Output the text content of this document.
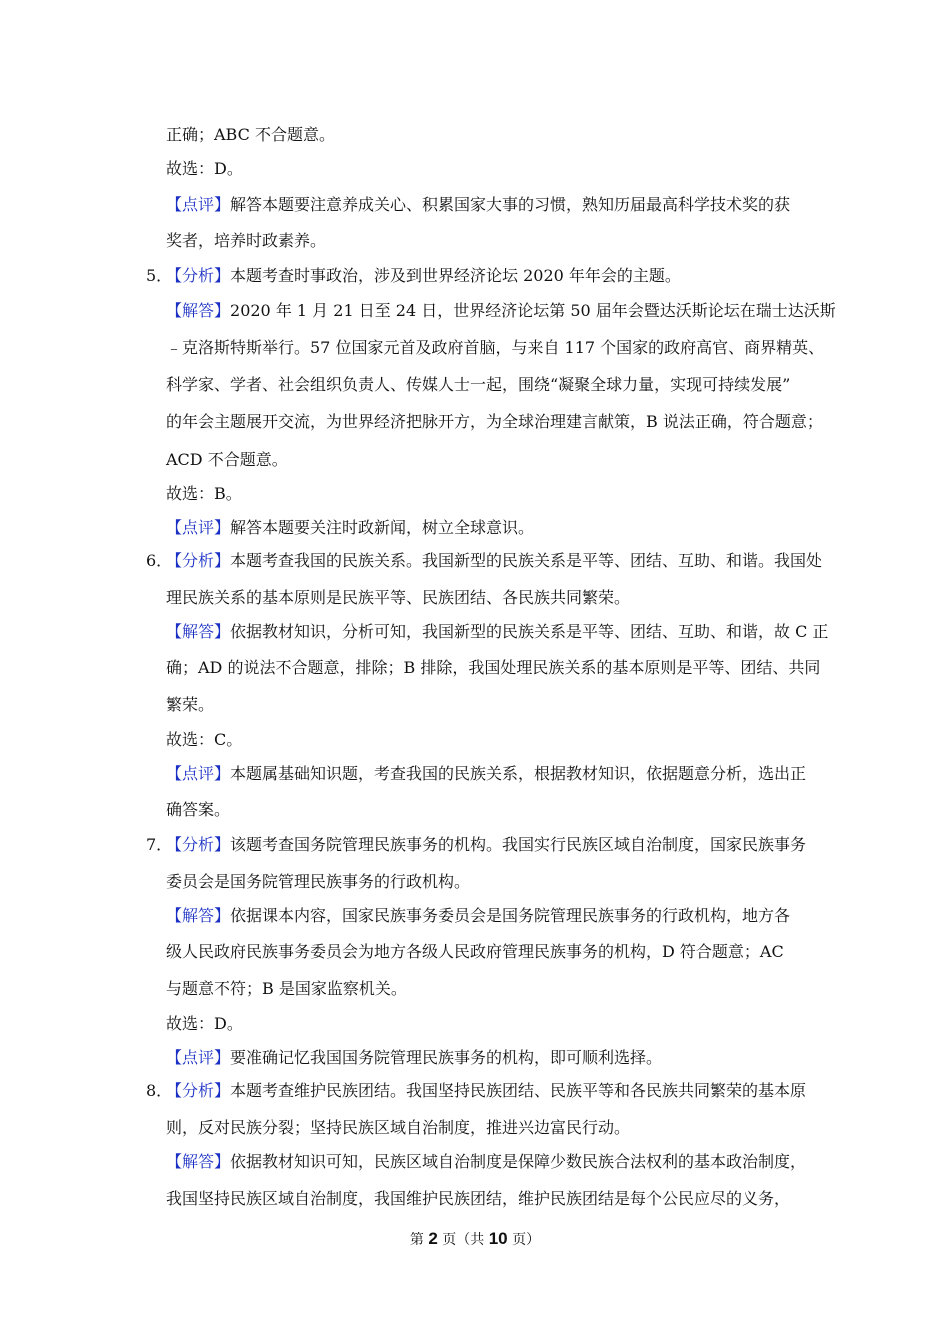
正确；ABC 不合题意。

故选：D。

【点评】解答本题要注意养成关心、积累国家大事的习惯，熟知历届最高科学技术奖的获

奖者，培养时政素养。

5．

【分析】本题考查时事政治，涉及到世界经济论坛 2020 年年会的主题。

【解答】2020 年 1 月 21 日至 24 日，世界经济论坛第 50 届年会暨达沃斯论坛在瑞士达沃斯

﹣克洛斯特斯举行。57 位国家元首及政府首脑，与来自 117 个国家的政府高官、商界精英、

科学家、学者、社会组织负责人、传媒人士一起，围绕“凝聚全球力量，实现可持续发展”

的年会主题展开交流，为世界经济把脉开方，为全球治理建言献策，B 说法正确，符合题意；

ACD 不合题意。

故选：B。

【点评】解答本题要关注时政新闻，树立全球意识。

6．

【分析】本题考查我国的民族关系。我国新型的民族关系是平等、团结、互助、和谐。我国处

理民族关系的基本原则是民族平等、民族团结、各民族共同繁荣。

【解答】依据教材知识，分析可知，我国新型的民族关系是平等、团结、互助、和谐，故 C 正

确；AD 的说法不合题意，排除；B 排除，我国处理民族关系的基本原则是平等、团结、共同

繁荣。

故选：C。

【点评】本题属基础知识题，考查我国的民族关系，根据教材知识，依据题意分析，选出正

确答案。

7．

【分析】该题考查国务院管理民族事务的机构。我国实行民族区域自治制度，国家民族事务

委员会是国务院管理民族事务的行政机构。

【解答】依据课本内容，国家民族事务委员会是国务院管理民族事务的行政机构，地方各

级人民政府民族事务委员会为地方各级人民政府管理民族事务的机构，D 符合题意；AC

与题意不符；B 是国家监察机关。

故选：D。

【点评】要准确记忆我国国务院管理民族事务的机构，即可顺利选择。

8．

【分析】本题考查维护民族团结。我国坚持民族团结、民族平等和各民族共同繁荣的基本原

则，反对民族分裂；坚持民族区域自治制度，推进兴边富民行动。

【解答】依据教材知识可知，民族区域自治制度是保障少数民族合法权利的基本政治制度，

我国坚持民族区域自治制度，我国维护民族团结，维护民族团结是每个公民应尽的义务，

第 2 页（共 10 页）
